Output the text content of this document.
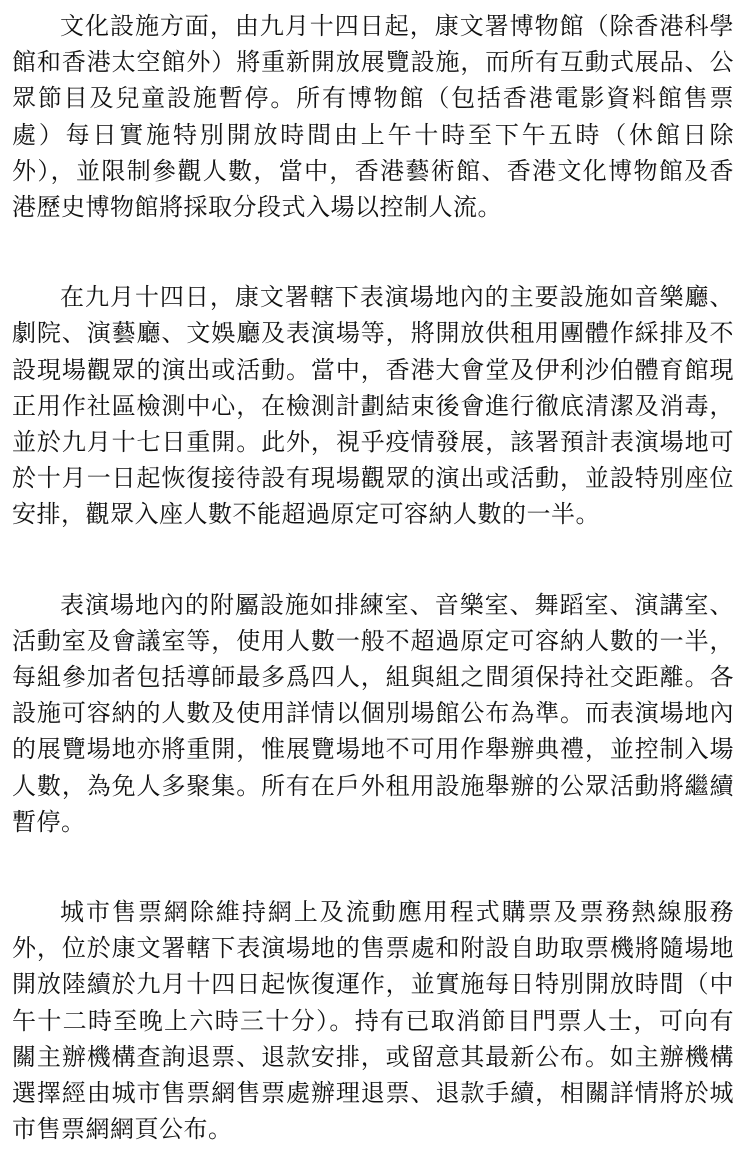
文化設施方面，由九月十四日起，康文署博物館（除香港科學館和香港太空館外）將重新開放展覽設施，而所有互動式展品、公眾節目及兒童設施暫停。所有博物館（包括香港電影資料館售票處）每日實施特別開放時間由上午十時至下午五時（休館日除外），並限制參觀人數，當中，香港藝術館、香港文化博物館及香港歷史博物館將採取分段式入場以控制人流。

在九月十四日，康文署轄下表演場地內的主要設施如音樂廳、劇院、演藝廳、文娛廳及表演場等，將開放供租用團體作綵排及不設現場觀眾的演出或活動。當中，香港大會堂及伊利沙伯體育館現正用作社區檢測中心，在檢測計劃結束後會進行徹底清潔及消毒，並於九月十七日重開。此外，視乎疫情發展，該署預計表演場地可於十月一日起恢復接待設有現場觀眾的演出或活動，並設特別座位安排，觀眾入座人數不能超過原定可容納人數的一半。

表演場地內的附屬設施如排練室、音樂室、舞蹈室、演講室、活動室及會議室等，使用人數一般不超過原定可容納人數的一半，每組參加者包括導師最多爲四人，組與組之間須保持社交距離。各設施可容納的人數及使用詳情以個別場館公布為準。而表演場地內的展覽場地亦將重開，惟展覽場地不可用作舉辦典禮，並控制入場人數，為免人多聚集。所有在戶外租用設施舉辦的公眾活動將繼續暫停。

城市售票網除維持網上及流動應用程式購票及票務熱線服務外，位於康文署轄下表演場地的售票處和附設自助取票機將隨場地開放陸續於九月十四日起恢復運作，並實施每日特別開放時間（中午十二時至晚上六時三十分）。持有已取消節目門票人士，可向有關主辦機構查詢退票、退款安排，或留意其最新公布。如主辦機構選擇經由城市售票網售票處辦理退票、退款手續，相關詳情將於城市售票網網頁公布。
